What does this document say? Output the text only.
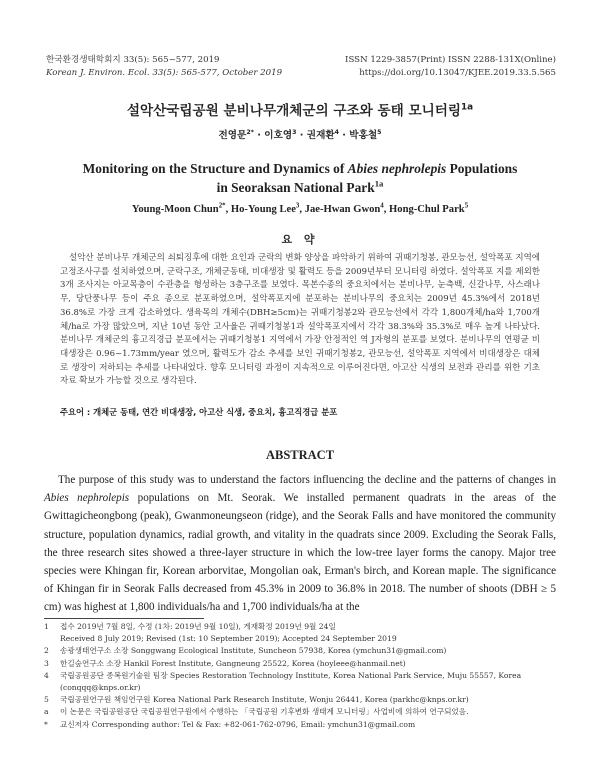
한국환경생태학회지 33(5): 565~577, 2019
Korean J. Environ. Ecol. 33(5): 565-577, October 2019
ISSN 1229-3857(Print) ISSN 2288-131X(Online)
https://doi.org/10.13047/KJEE.2019.33.5.565
설악산국립공원 분비나무개체군의 구조와 동태 모니터링$^{1a}$
전영문$^{2*}$ · 이호영$^3$ · 권재환$^4$ · 박홍철$^5$
Monitoring on the Structure and Dynamics of Abies nephrolepis Populations
in Seoraksan National Park$^{1a}$
Young-Moon Chun$^{2*}$, Ho-Young Lee$^3$, Jae-Hwan Gwon$^4$, Hong-Chul Park$^5$
요 약
설악산 분비나무 개체군의 쇠퇴징후에 대한 요인과 군락의 변화 양상을 파악하기 위하여 귀때기청봉, 관모능선, 설악폭포 지역에 고정조사구를 설치하였으며, 군락구조, 개체군동태, 비대생장 및 활력도 등을 2009년부터 모니터링 하였다. 설악폭포 지를 제외한 3개 조사지는 아교목층이 수관층을 형성하는 3층구조를 보였다. 목본수종의 중요치에서는 분비나무, 눈측백, 신갈나무, 사스래나무, 당단풍나무 등이 주요 종으로 분포하였으며, 설악폭포지에 분포하는 분비나무의 중요치는 2009년 45.3%에서 2018년 36.8%로 가장 크게 감소하였다. 생육목의 개체수(DBH≥5cm)는 귀때기청봉2와 관모능선에서 각각 1,800개체/ha와 1,700개체/ha로 가장 많았으며, 지난 10년 동안 고사율은 귀때기청봉1과 설악폭포지에서 각각 38.3%와 35.3%로 매우 높게 나타났다. 분비나무 개체군의 흉고직경급 분포에서는 귀때기청봉1 지역에서 가장 안정적인 역 J자형의 분포를 보였다. 분비나무의 연평균 비대생장은 0.96~1.73mm/year 였으며, 활력도가 감소 추세를 보인 귀때기청봉2, 관모능선, 설악폭포 지역에서 비대생장은 대체로 생장이 저하되는 추세를 나타내었다. 향후 모니터링 과정이 지속적으로 이루어진다면, 아고산 식생의 보전과 관리를 위한 기초자료 확보가 가능할 것으로 생각된다.
주요어 : 개체군 동태, 연간 비대생장, 아고산 식생, 중요치, 흉고직경급 분포
ABSTRACT
The purpose of this study was to understand the factors influencing the decline and the patterns of changes in Abies nephrolepis populations on Mt. Seorak. We installed permanent quadrats in the areas of the Gwittagicheongbong (peak), Gwanmoneungseon (ridge), and the Seorak Falls and have monitored the community structure, population dynamics, radial growth, and vitality in the quadrats since 2009. Excluding the Seorak Falls, the three research sites showed a three-layer structure in which the low-tree layer forms the canopy. Major tree species were Khingan fir, Korean arborvitae, Mongolian oak, Erman's birch, and Korean maple. The significance of Khingan fir in Seorak Falls decreased from 45.3% in 2009 to 36.8% in 2018. The number of shoots (DBH ≥ 5 cm) was highest at 1,800 individuals/ha and 1,700 individuals/ha at the
1 접수 2019년 7월 8일, 수정 (1차: 2019년 9월 10일), 게재확정 2019년 9월 24일
Received 8 July 2019; Revised (1st: 10 September 2019); Accepted 24 September 2019
2 송광생태연구소 소장 Songgwang Ecological Institute, Suncheon 57938, Korea (ymchun31@gmail.com)
3 한길숲연구소 소장 Hankil Forest Institute, Gangneung 25522, Korea (hoyleee@hanmail.net)
4 국립공원공단 종복원기술원 팀장 Species Restoration Technology Institute, Korea National Park Service, Muju 55557, Korea
(conqqq@knps.or.kr)
5 국립공원연구원 책임연구원 Korea National Park Research Institute, Wonju 26441, Korea (parkhc@knps.or.kr)
a 이 논문은 국립공원공단 국립공원연구원에서 수행하는 「국립공원 기후변화 생태계 모니터링」사업비에 의하여 연구되었음.
* 교신저자 Corresponding author: Tel & Fax: +82-061-762-0796, Email: ymchun31@gmail.com
